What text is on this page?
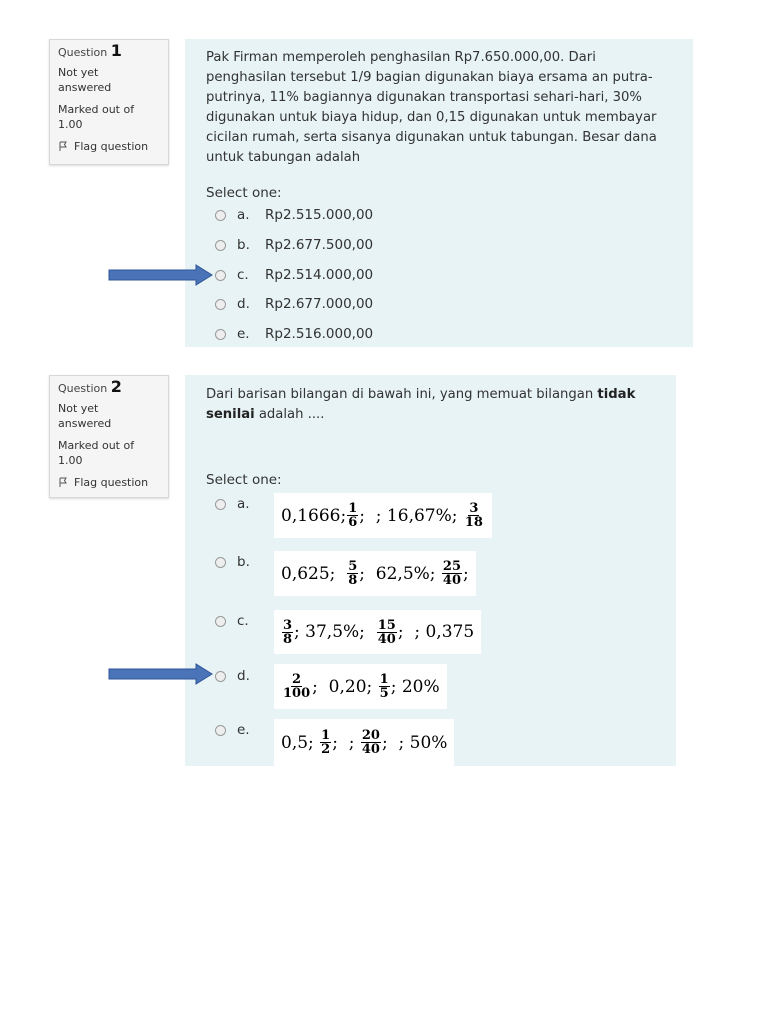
Question 1
Not yet answered
Marked out of 1.00
Flag question
Pak Firman memperoleh penghasilan Rp7.650.000,00. Dari penghasilan tersebut 1/9 bagian digunakan biaya ersama an putra-putrinya, 11% bagiannya digunakan transportasi sehari-hari, 30% digunakan untuk biaya hidup, dan 0,15 digunakan untuk membayar cicilan rumah, serta sisanya digunakan untuk tabungan. Besar dana untuk tabungan adalah
Select one:
a.	Rp2.515.000,00
b.	Rp2.677.500,00
c.	Rp2.514.000,00
d.	Rp2.677.000,00
e.	Rp2.516.000,00
Question 2
Not yet answered
Marked out of 1.00
Flag question
Dari barisan bilangan di bawah ini, yang memuat bilangan tidak senilai adalah ....
Select one:
a.
0,1666; $\frac{1}{6}$ ;  ; 16,67%; $\frac{3}{18}$
b.
0,625; $\frac{5}{8}$ ;  62,5%; $\frac{25}{40}$ ;
c.	$\frac{3}{8}$ ; 37,5%; $\frac{15}{40}$ ;  ; 0,375
d.	$\frac{2}{100}$ ;  0,20; $\frac{1}{5}$ ; 20%
e.
0,5; $\frac{1}{2}$ ;  ; $\frac{20}{40}$ ;  ; 50%
